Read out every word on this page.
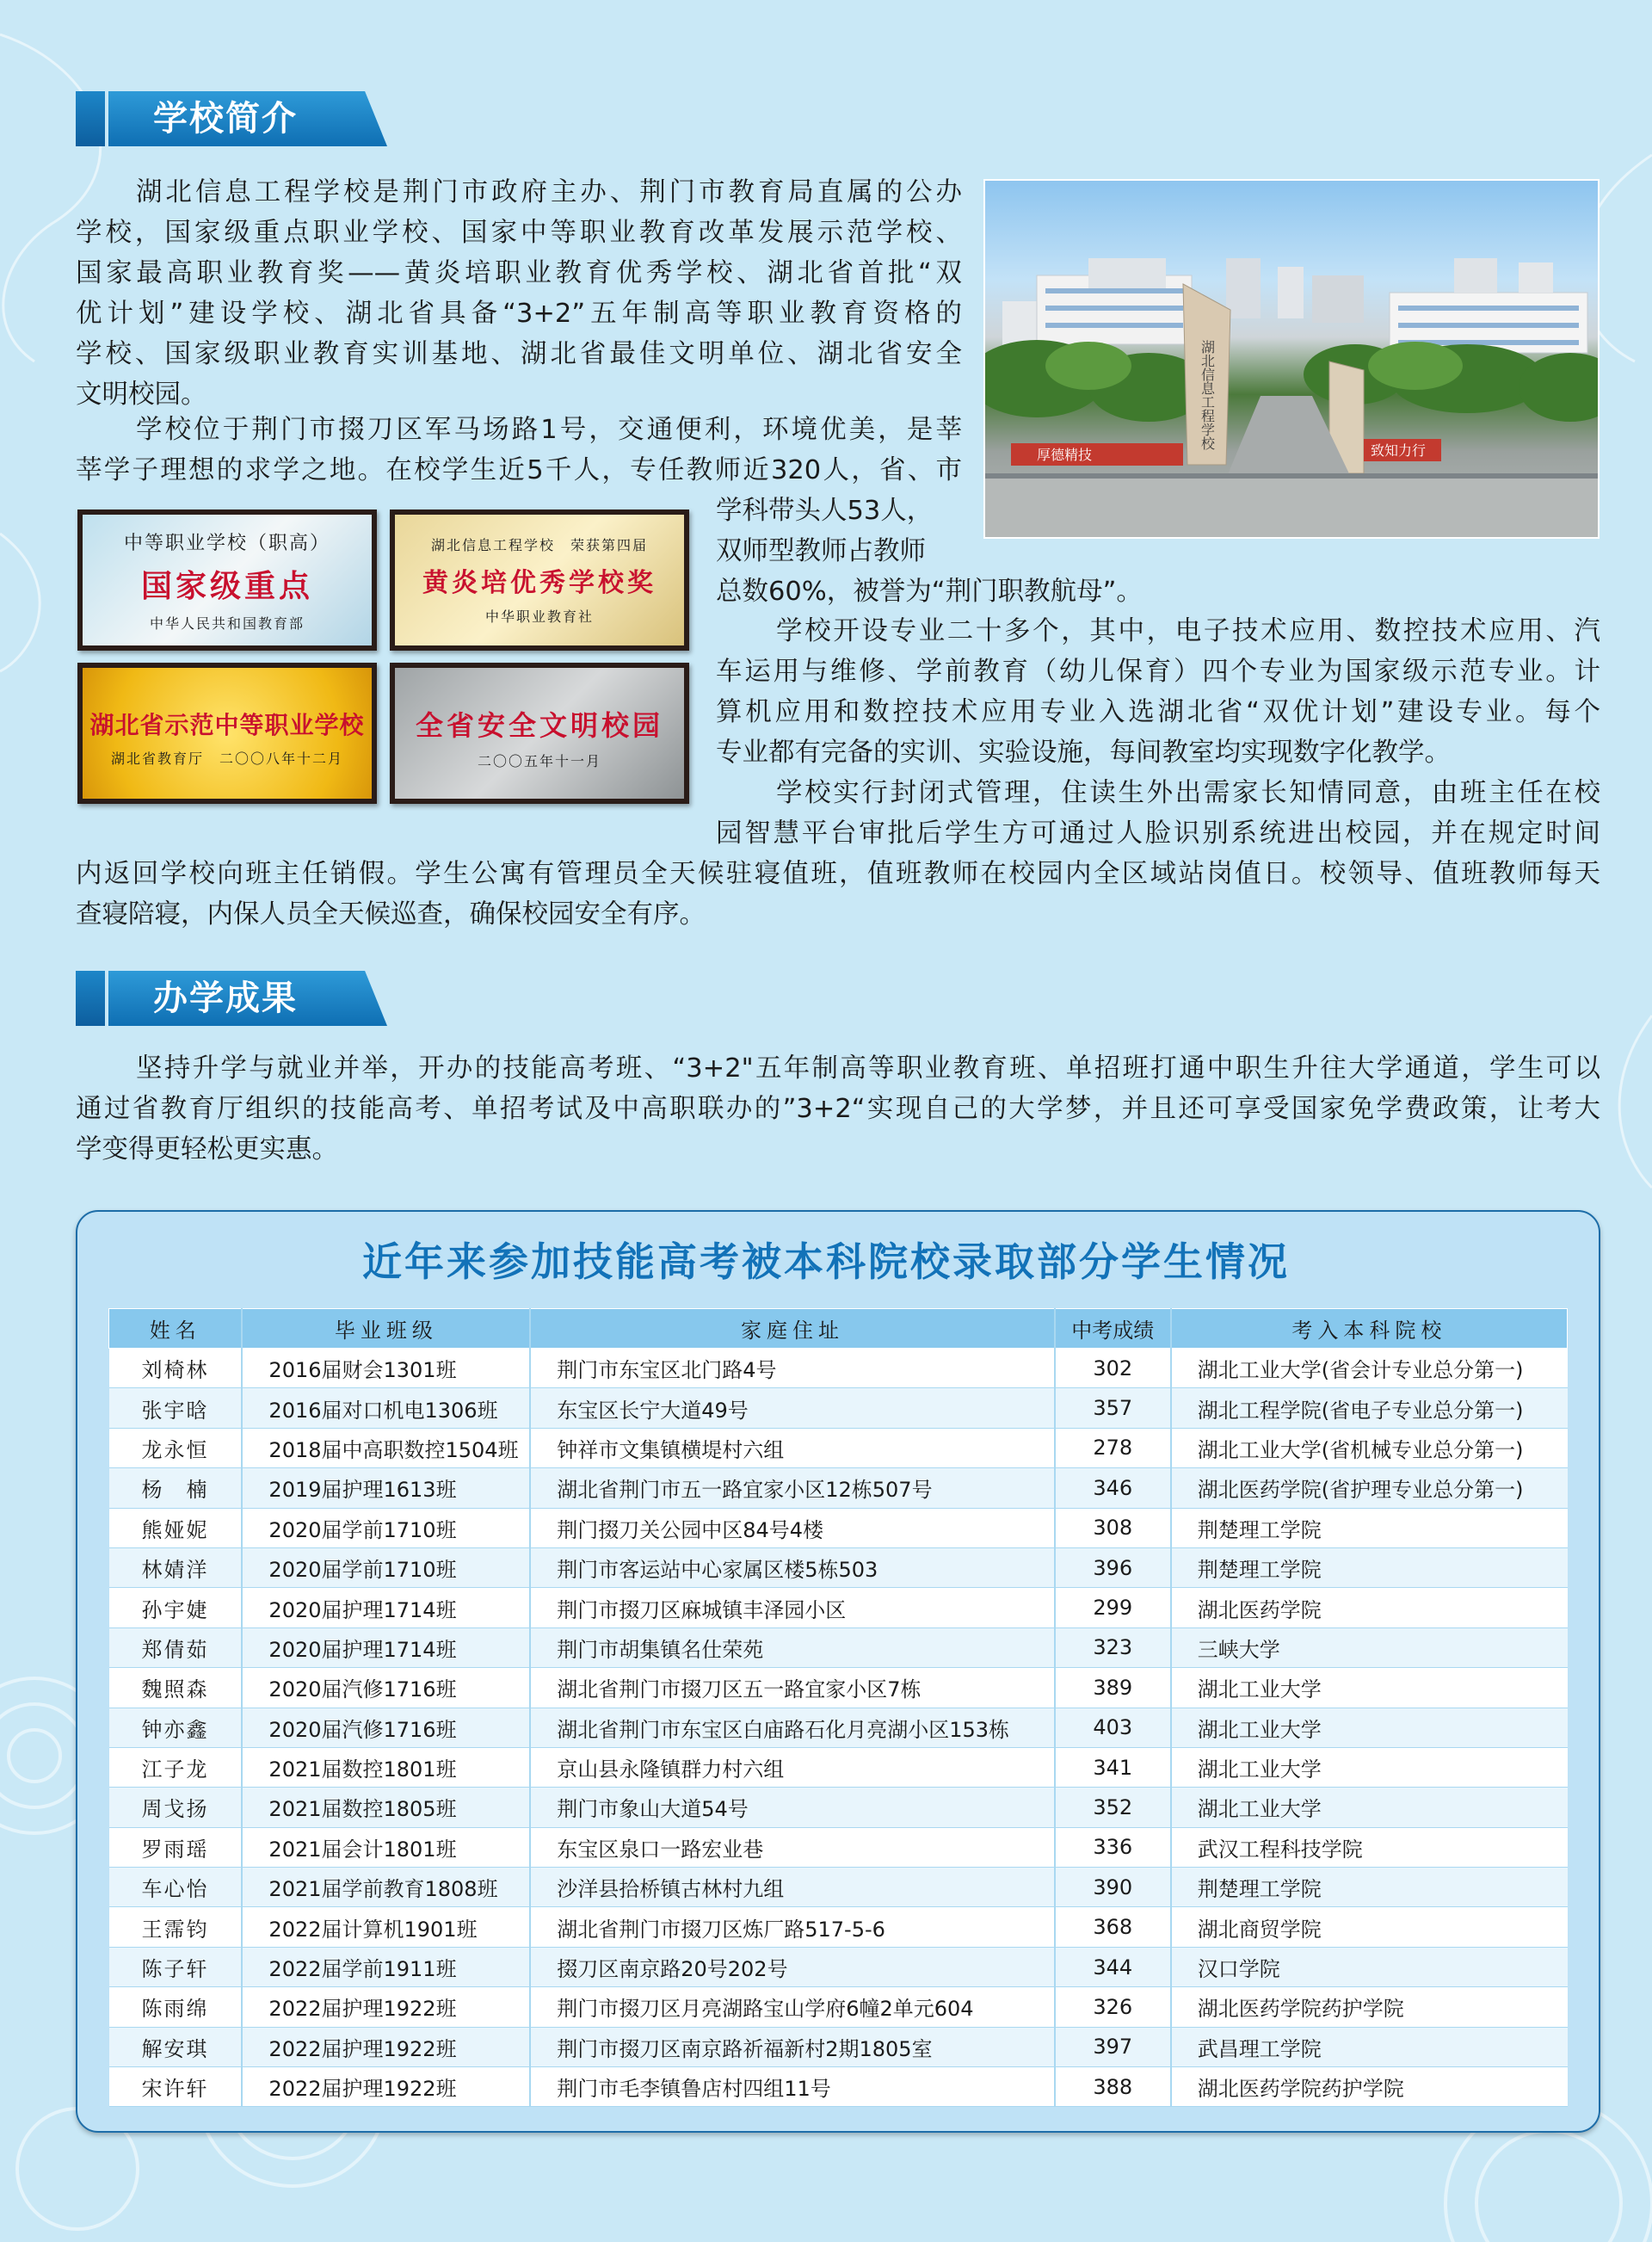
学校简介
湖北信息工程学校是荆门市政府主办、荆门市教育局直属的公办
学校，国家级重点职业学校、国家中等职业教育改革发展示范学校、
国家最高职业教育奖——黄炎培职业教育优秀学校、湖北省首批“双
优计划”建设学校、湖北省具备“3+2”五年制高等职业教育资格的
学校、国家级职业教育实训基地、湖北省最佳文明单位、湖北省安全
文明校园。
学校位于荆门市掇刀区军马场路1号，交通便利，环境优美，是莘
莘学子理想的求学之地。在校学生近5千人，专任教师近320人，省、市
学科带头人53人，
双师型教师占教师
总数60%，被誉为“荆门职教航母”。
湖北信息工程学校
厚德精技	致知力行
中等职业学校（职高）
国家级重点
中华人民共和国教育部
湖北信息工程学校　荣获第四届
黄炎培优秀学校奖
中华职业教育社
湖北省示范中等职业学校
湖北省教育厅　二〇〇八年十二月
全省安全文明校园
二〇〇五年十一月
学校开设专业二十多个，其中，电子技术应用、数控技术应用、汽
车运用与维修、学前教育（幼儿保育）四个专业为国家级示范专业。计
算机应用和数控技术应用专业入选湖北省“双优计划”建设专业。每个
专业都有完备的实训、实验设施，每间教室均实现数字化教学。
学校实行封闭式管理，住读生外出需家长知情同意，由班主任在校
园智慧平台审批后学生方可通过人脸识别系统进出校园，并在规定时间
内返回学校向班主任销假。学生公寓有管理员全天候驻寝值班，值班教师在校园内全区域站岗值日。校领导、值班教师每天
查寝陪寝，内保人员全天候巡查，确保校园安全有序。
办学成果
坚持升学与就业并举，开办的技能高考班、“3+2"五年制高等职业教育班、单招班打通中职生升往大学通道，学生可以
通过省教育厅组织的技能高考、单招考试及中高职联办的”3+2“实现自己的大学梦，并且还可享受国家免学费政策，让考大
学变得更轻松更实惠。
近年来参加技能高考被本科院校录取部分学生情况
姓名	毕业班级	家庭住址	中考成绩	考入本科院校
刘椅林	2016届财会1301班	荆门市东宝区北门路4号	302	湖北工业大学(省会计专业总分第一)
张宇晗	2016届对口机电1306班	东宝区长宁大道49号	357	湖北工程学院(省电子专业总分第一)
龙永恒	2018届中高职数控1504班	钟祥市文集镇横堤村六组	278	湖北工业大学(省机械专业总分第一)
杨　楠	2019届护理1613班	湖北省荆门市五一路宜家小区12栋507号	346	湖北医药学院(省护理专业总分第一)
熊娅妮	2020届学前1710班	荆门掇刀关公园中区84号4楼	308	荆楚理工学院
林婧洋	2020届学前1710班	荆门市客运站中心家属区楼5栋503	396	荆楚理工学院
孙宇婕	2020届护理1714班	荆门市掇刀区麻城镇丰泽园小区	299	湖北医药学院
郑倩茹	2020届护理1714班	荆门市胡集镇名仕荣苑	323	三峡大学
魏照森	2020届汽修1716班	湖北省荆门市掇刀区五一路宜家小区7栋	389	湖北工业大学
钟亦鑫	2020届汽修1716班	湖北省荆门市东宝区白庙路石化月亮湖小区153栋	403	湖北工业大学
江子龙	2021届数控1801班	京山县永隆镇群力村六组	341	湖北工业大学
周戈扬	2021届数控1805班	荆门市象山大道54号	352	湖北工业大学
罗雨瑶	2021届会计1801班	东宝区泉口一路宏业巷	336	武汉工程科技学院
车心怡	2021届学前教育1808班	沙洋县拾桥镇古林村九组	390	荆楚理工学院
王霈钧	2022届计算机1901班	湖北省荆门市掇刀区炼厂路517-5-6	368	湖北商贸学院
陈子轩	2022届学前1911班	掇刀区南京路20号202号	344	汉口学院
陈雨绵	2022届护理1922班	荆门市掇刀区月亮湖路宝山学府6幢2单元604	326	湖北医药学院药护学院
解安琪	2022届护理1922班	荆门市掇刀区南京路祈福新村2期1805室	397	武昌理工学院
宋许轩	2022届护理1922班	荆门市毛李镇鲁店村四组11号	388	湖北医药学院药护学院
